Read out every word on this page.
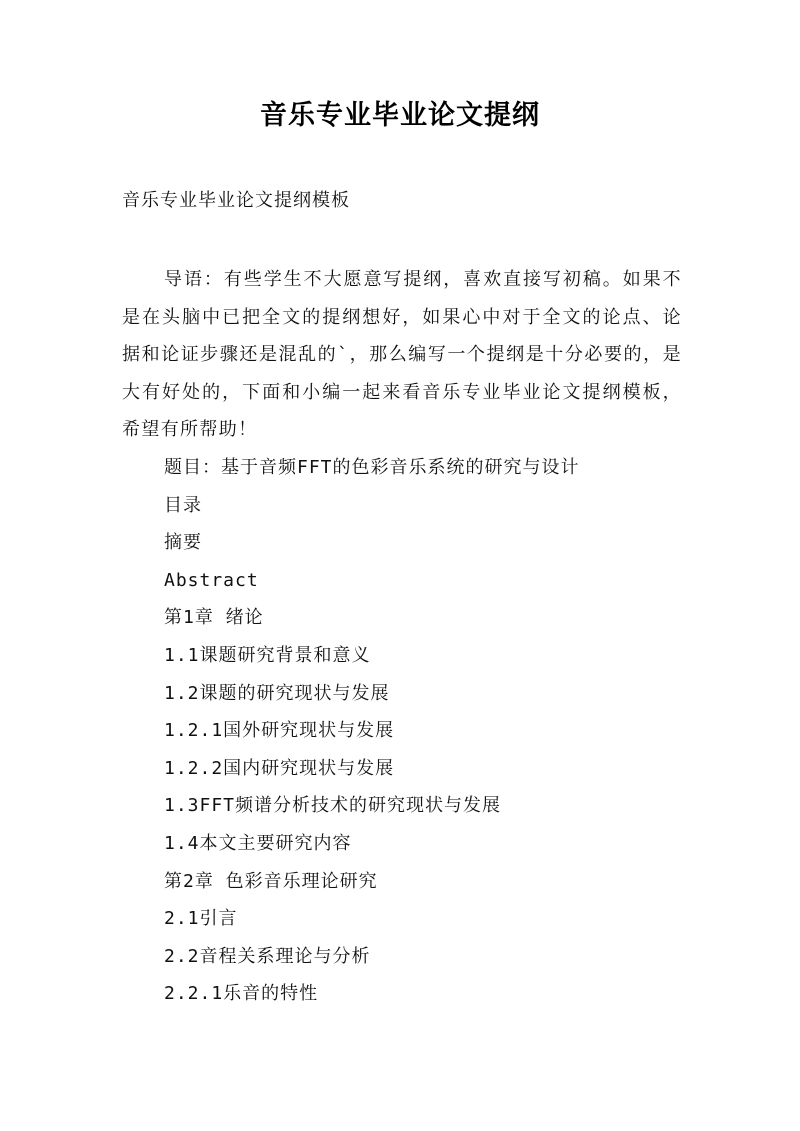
音乐专业毕业论文提纲
音乐专业毕业论文提纲模板

导语：有些学生不大愿意写提纲，喜欢直接写初稿。如果不是在头脑中已把全文的提纲想好，如果心中对于全文的论点、论据和论证步骤还是混乱的`，那么编写一个提纲是十分必要的，是大有好处的，下面和小编一起来看音乐专业毕业论文提纲模板，希望有所帮助！

题目：基于音频FFT的色彩音乐系统的研究与设计
目录
摘要
Abstract
第1章 绪论
1.1课题研究背景和意义
1.2课题的研究现状与发展
1.2.1国外研究现状与发展
1.2.2国内研究现状与发展
1.3FFT频谱分析技术的研究现状与发展
1.4本文主要研究内容
第2章 色彩音乐理论研究
2.1引言
2.2音程关系理论与分析
2.2.1乐音的特性
